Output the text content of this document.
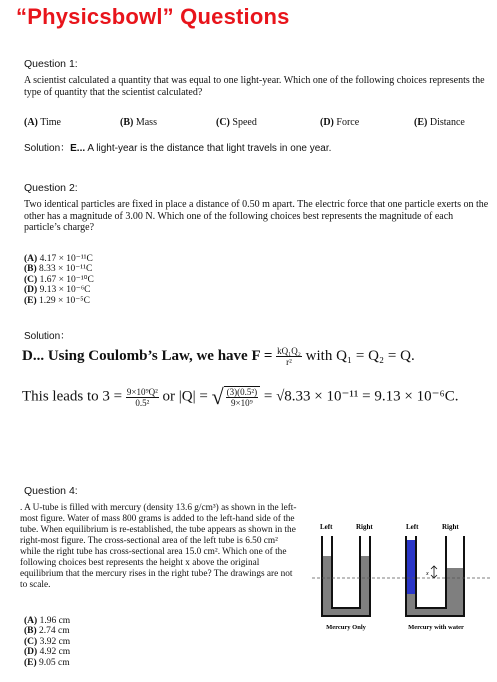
“Physicsbowl” Questions
Question 1:
A scientist calculated a quantity that was equal to one light-year. Which one of the following choices represents the type of quantity that the scientist calculated?
(A) Time	(B) Mass	(C) Speed	(D) Force	(E) Distance
Solution：E... A light-year is the distance that light travels in one year.
Question 2:
Two identical particles are fixed in place a distance of 0.50 m apart. The electric force that one particle exerts on the other has a magnitude of 3.00 N. Which one of the following choices best represents the magnitude of each particle’s charge?
(A) 4.17 × 10⁻¹¹C
(B) 8.33 × 10⁻¹¹C
(C) 1.67 × 10⁻¹⁰C
(D) 9.13 × 10⁻⁶C
(E) 1.29 × 10⁻⁵C
Solution：
D... Using Coulomb’s Law, we have $F = \frac{\text{kQ₁Q₂}}{\text{r²}}$ with Q₁ = Q₂ = Q.
This leads to $3 = \frac{\text{9×10⁹Q²}}{\text{0.5²}}$ or |Q| = √ $\frac{\text{(3)(0.5²)}}{\text{9×10⁹}} = √8.33 \times 10^{-11} = 9.13 \times 10^{-6}C$.
Question 4:
. A U-tube is filled with mercury (density 13.6 g/cm³) as shown in the left-most figure. Water of mass 800 grams is added to the left-hand side of the tube. When equilibrium is re-established, the tube appears as shown in the right-most figure. The cross-sectional area of the left tube is 6.50 cm² while the right tube has cross-sectional area 15.0 cm². Which one of the following choices best represents the height x above the original equilibrium that the mercury rises in the right tube? The drawings are not to scale.
(A) 1.96 cm
(B) 2.74 cm
(C) 3.92 cm
(D) 4.92 cm
(E) 9.05 cm
Left	Right
Mercury Only
Left	Right
x
Mercury with water
